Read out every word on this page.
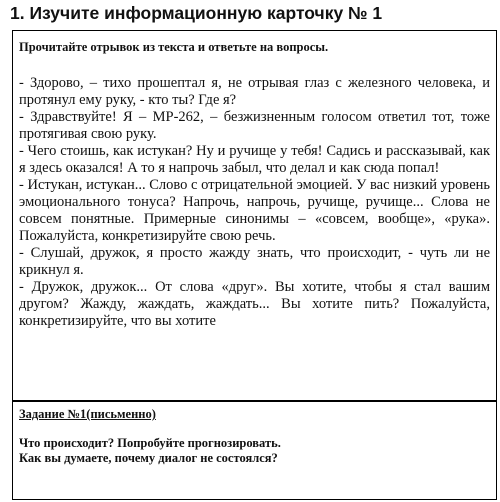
1. Изучите информационную карточку № 1

Прочитайте отрывок из текста и ответьте на вопросы.

- Здорово, – тихо прошептал я, не отрывая глаз с железного человека, и протянул ему руку, - кто ты? Где я?

- Здравствуйте! Я – МР-262, – безжизненным голосом ответил тот, тоже протягивая свою руку.

- Чего стоишь, как истукан? Ну и ручище у тебя! Садись и рассказывай, как я здесь оказался! А то я напрочь забыл, что делал и как сюда попал!

- Истукан, истукан... Слово с отрицательной эмоцией. У вас низкий уровень эмоционального тонуса? Напрочь, напрочь, ручище, ручище... Слова не совсем понятные. Примерные синонимы – «совсем, вообще», «рука». Пожалуйста, конкретизируйте свою речь.

- Слушай, дружок, я просто жажду знать, что происходит, - чуть ли не крикнул я.

- Дружок, дружок... От слова «друг». Вы хотите, чтобы я стал вашим другом? Жажду, жаждать, жаждать... Вы хотите пить? Пожалуйста, конкретизируйте, что вы хотите

Задание №1(письменно)

Что происходит? Попробуйте прогнозировать.

Как вы думаете, почему диалог не состоялся?
